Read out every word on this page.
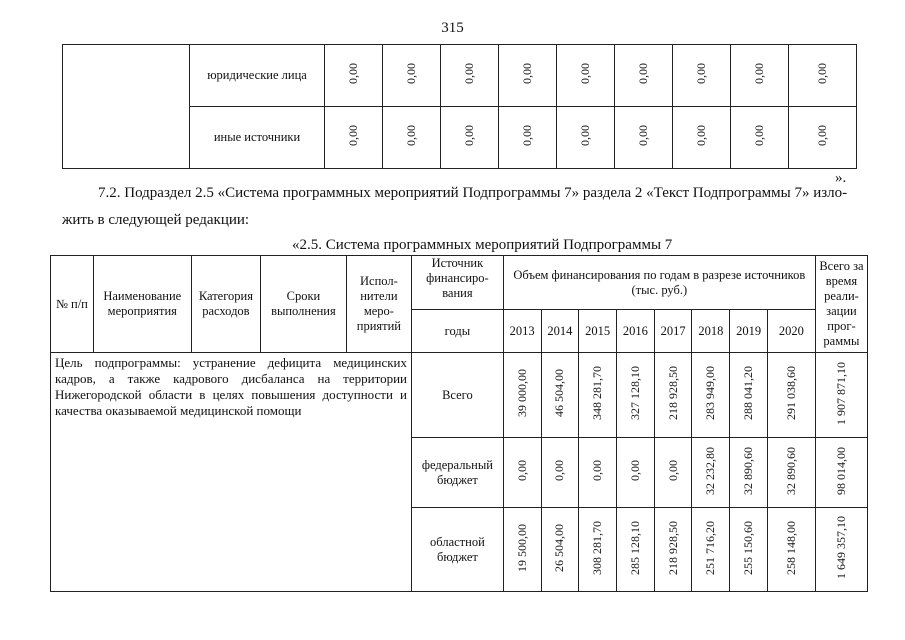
315
	юридические лица	0,00	0,00	0,00	0,00	0,00	0,00	0,00	0,00	0,00
	иные источники	0,00	0,00	0,00	0,00	0,00	0,00	0,00	0,00	0,00
».
7.2. Подраздел 2.5 «Система программных мероприятий Подпрограммы 7» раздела 2 «Текст Подпрограммы 7» изло-
жить в следующей редакции:
«2.5. Система программных мероприятий Подпрограммы 7
№ п/п	Наименование мероприятия	Категория расходов	Сроки выполнения	Испол-нители меро-приятий	Источник финансиро-вания	Объем финансирования по годам в разрезе источников (тыс. руб.)								Всего за время реали-зации прог-раммы
					годы	2013	2014	2015	2016	2017	2018	2019	2020	
Цель подпрограммы: устранение дефицита медицинских кадров, а также кадрового дисбаланса на территории Нижегородской области в целях повышения доступности и качества оказываемой медицинской помощи					Всего	39 000,00	46 504,00	348 281,70	327 128,10	218 928,50	283 949,00	288 041,20	291 038,60	1 907 871,10
					федеральный бюджет	0,00	0,00	0,00	0,00	0,00	32 232,80	32 890,60	32 890,60	98 014,00
					областной бюджет	19 500,00	26 504,00	308 281,70	285 128,10	218 928,50	251 716,20	255 150,60	258 148,00	1 649 357,10
